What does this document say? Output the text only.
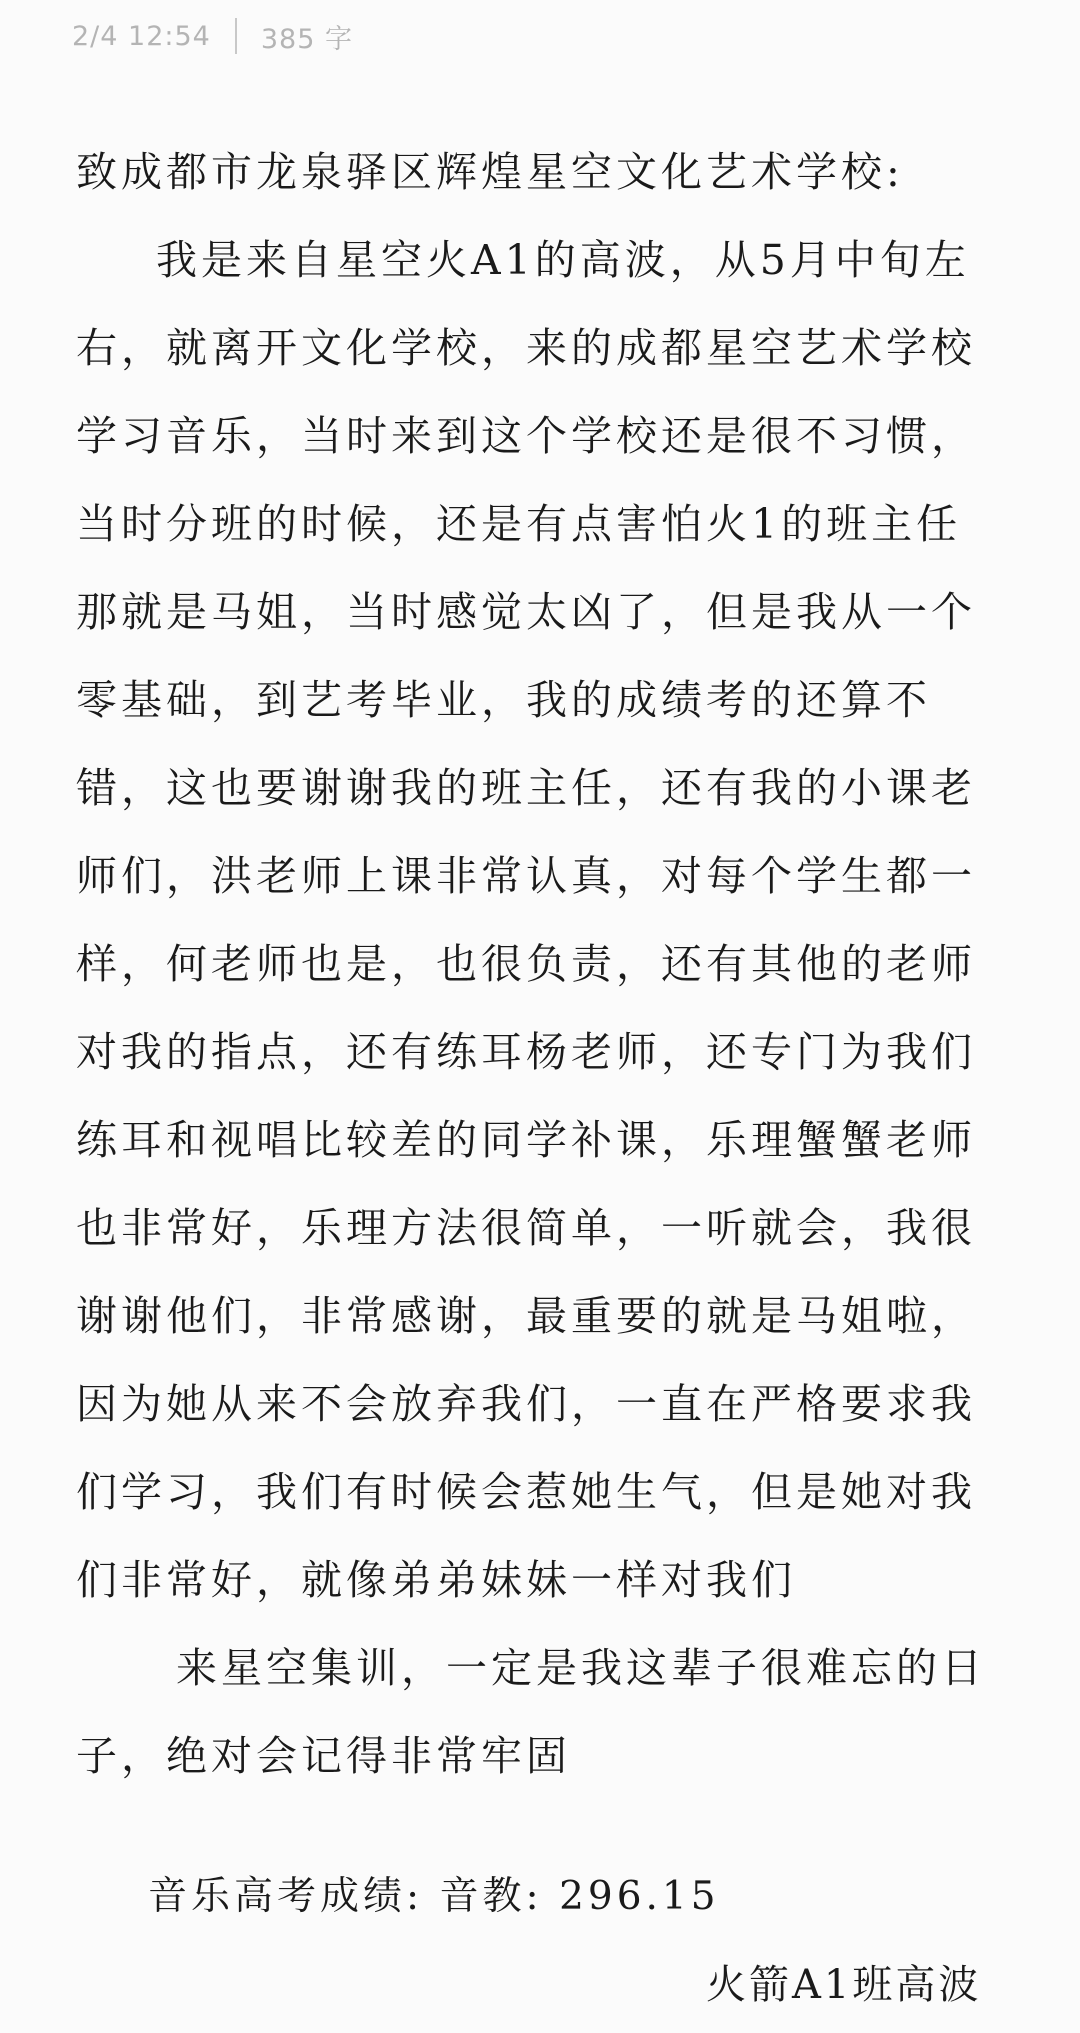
2/4 12:54 385 字
致成都市龙泉驿区辉煌星空文化艺术学校:
我是来自星空火A1的高波，从5月中旬左
右，就离开文化学校，来的成都星空艺术学校
学习音乐，当时来到这个学校还是很不习惯，
当时分班的时候，还是有点害怕火1的班主任
那就是马姐，当时感觉太凶了，但是我从一个
零基础，到艺考毕业，我的成绩考的还算不
错，这也要谢谢我的班主任，还有我的小课老
师们，洪老师上课非常认真，对每个学生都一
样，何老师也是，也很负责，还有其他的老师
对我的指点，还有练耳杨老师，还专门为我们
练耳和视唱比较差的同学补课，乐理蟹蟹老师
也非常好，乐理方法很简单，一听就会，我很
谢谢他们，非常感谢，最重要的就是马姐啦，
因为她从来不会放弃我们，一直在严格要求我
们学习，我们有时候会惹她生气，但是她对我
们非常好，就像弟弟妹妹一样对我们
来星空集训，一定是我这辈子很难忘的日
子，绝对会记得非常牢固
音乐高考成绩: 音教: 296.15
火箭A1班高波
